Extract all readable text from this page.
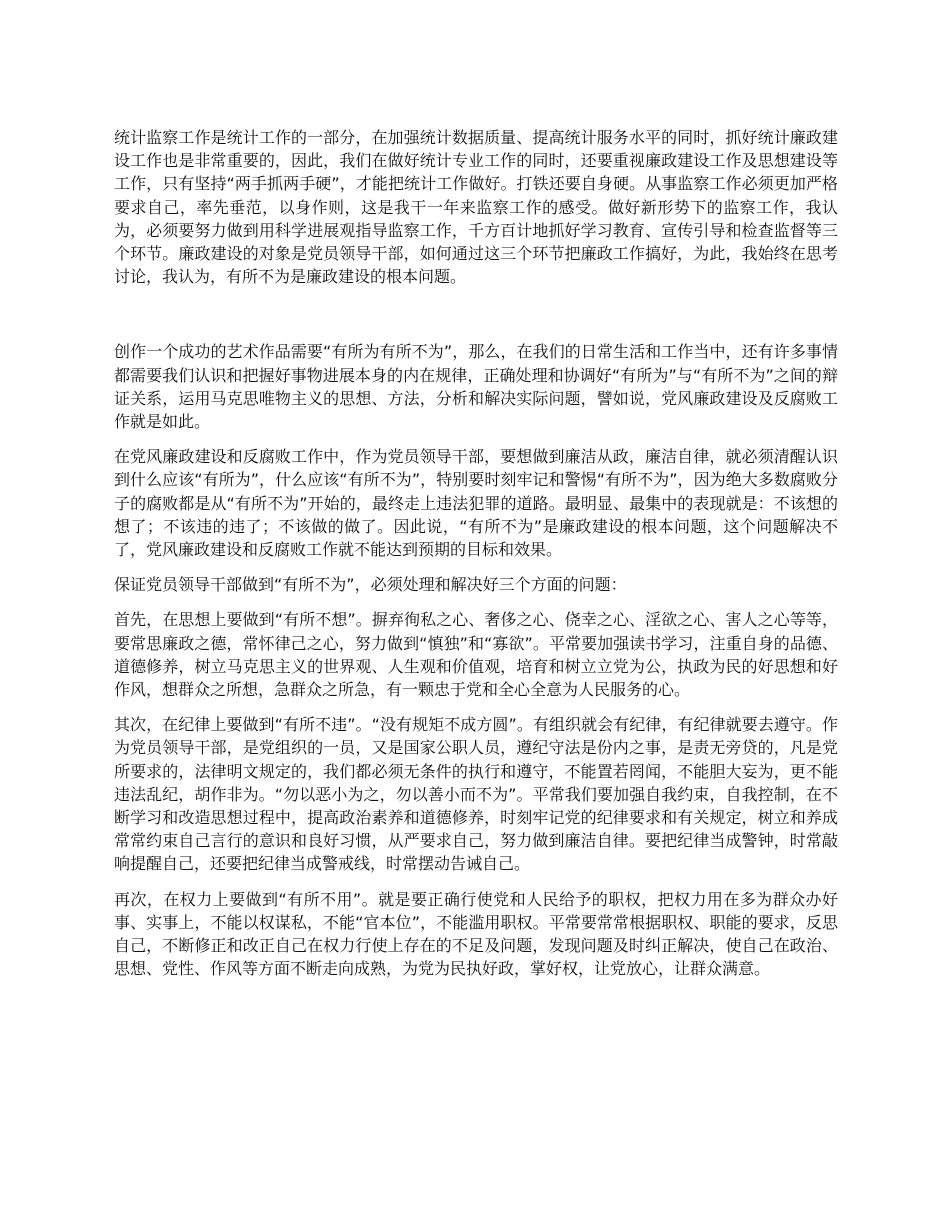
统计监察工作是统计工作的一部分，在加强统计数据质量、提高统计服务水平的同时，抓好统计廉政建设工作也是非常重要的，因此，我们在做好统计专业工作的同时，还要重视廉政建设工作及思想建设等工作，只有坚持“两手抓两手硬”，才能把统计工作做好。打铁还要自身硬。从事监察工作必须更加严格要求自己，率先垂范，以身作则，这是我干一年来监察工作的感受。做好新形势下的监察工作，我认为，必须要努力做到用科学进展观指导监察工作，千方百计地抓好学习教育、宣传引导和检查监督等三个环节。廉政建设的对象是党员领导干部，如何通过这三个环节把廉政工作搞好，为此，我始终在思考讨论，我认为，有所不为是廉政建设的根本问题。

创作一个成功的艺术作品需要“有所为有所不为”，那么，在我们的日常生活和工作当中，还有许多事情都需要我们认识和把握好事物进展本身的内在规律，正确处理和协调好“有所为”与“有所不为”之间的辩证关系，运用马克思唯物主义的思想、方法，分析和解决实际问题，譬如说，党风廉政建设及反腐败工作就是如此。

在党风廉政建设和反腐败工作中，作为党员领导干部，要想做到廉洁从政，廉洁自律，就必须清醒认识到什么应该“有所为”，什么应该“有所不为”，特别要时刻牢记和警惕“有所不为”，因为绝大多数腐败分子的腐败都是从“有所不为”开始的，最终走上违法犯罪的道路。最明显、最集中的表现就是：不该想的想了；不该违的违了；不该做的做了。因此说，“有所不为”是廉政建设的根本问题，这个问题解决不了，党风廉政建设和反腐败工作就不能达到预期的目标和效果。

保证党员领导干部做到“有所不为”，必须处理和解决好三个方面的问题：

首先，在思想上要做到“有所不想”。摒弃徇私之心、奢侈之心、侥幸之心、淫欲之心、害人之心等等，要常思廉政之德，常怀律己之心，努力做到“慎独”和“寡欲”。平常要加强读书学习，注重自身的品德、道德修养，树立马克思主义的世界观、人生观和价值观，培育和树立立党为公，执政为民的好思想和好作风，想群众之所想，急群众之所急，有一颗忠于党和全心全意为人民服务的心。

其次，在纪律上要做到“有所不违”。“没有规矩不成方圆”。有组织就会有纪律，有纪律就要去遵守。作为党员领导干部，是党组织的一员，又是国家公职人员，遵纪守法是份内之事，是责无旁贷的，凡是党所要求的，法律明文规定的，我们都必须无条件的执行和遵守，不能置若罔闻，不能胆大妄为，更不能违法乱纪，胡作非为。“勿以恶小为之，勿以善小而不为”。平常我们要加强自我约束，自我控制，在不断学习和改造思想过程中，提高政治素养和道德修养，时刻牢记党的纪律要求和有关规定，树立和养成常常约束自己言行的意识和良好习惯，从严要求自己，努力做到廉洁自律。要把纪律当成警钟，时常敲响提醒自己，还要把纪律当成警戒线，时常摆动告诫自己。

再次，在权力上要做到“有所不用”。就是要正确行使党和人民给予的职权，把权力用在多为群众办好事、实事上，不能以权谋私，不能“官本位”，不能滥用职权。平常要常常根据职权、职能的要求，反思自己，不断修正和改正自己在权力行使上存在的不足及问题，发现问题及时纠正解决，使自己在政治、思想、党性、作风等方面不断走向成熟，为党为民执好政，掌好权，让党放心，让群众满意。
